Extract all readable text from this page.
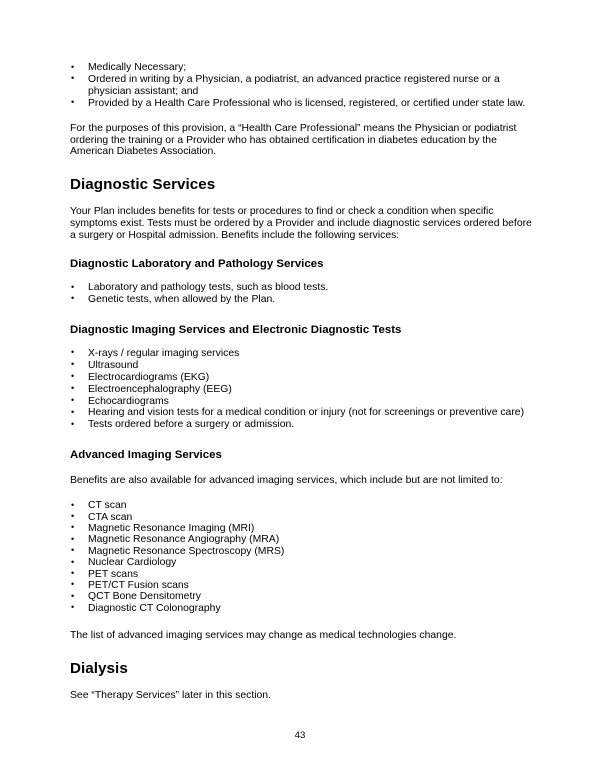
• Medically Necessary;
• Ordered in writing by a Physician, a podiatrist, an advanced practice registered nurse or a physician assistant; and
• Provided by a Health Care Professional who is licensed, registered, or certified under state law.

For the purposes of this provision, a “Health Care Professional” means the Physician or podiatrist ordering the training or a Provider who has obtained certification in diabetes education by the American Diabetes Association.

Diagnostic Services

Your Plan includes benefits for tests or procedures to find or check a condition when specific symptoms exist. Tests must be ordered by a Provider and include diagnostic services ordered before a surgery or Hospital admission. Benefits include the following services:

Diagnostic Laboratory and Pathology Services
• Laboratory and pathology tests, such as blood tests.
• Genetic tests, when allowed by the Plan.
Diagnostic Imaging Services and Electronic Diagnostic Tests
• X-rays / regular imaging services
• Ultrasound
• Electrocardiograms (EKG)
• Electroencephalography (EEG)
• Echocardiograms
• Hearing and vision tests for a medical condition or injury (not for screenings or preventive care)
• Tests ordered before a surgery or admission.
Advanced Imaging Services

Benefits are also available for advanced imaging services, which include but are not limited to:

• CT scan
• CTA scan
• Magnetic Resonance Imaging (MRI)
• Magnetic Resonance Angiography (MRA)
• Magnetic Resonance Spectroscopy (MRS)
• Nuclear Cardiology
• PET scans
• PET/CT Fusion scans
• QCT Bone Densitometry
• Diagnostic CT Colonography

The list of advanced imaging services may change as medical technologies change.

Dialysis

See “Therapy Services” later in this section.

43
